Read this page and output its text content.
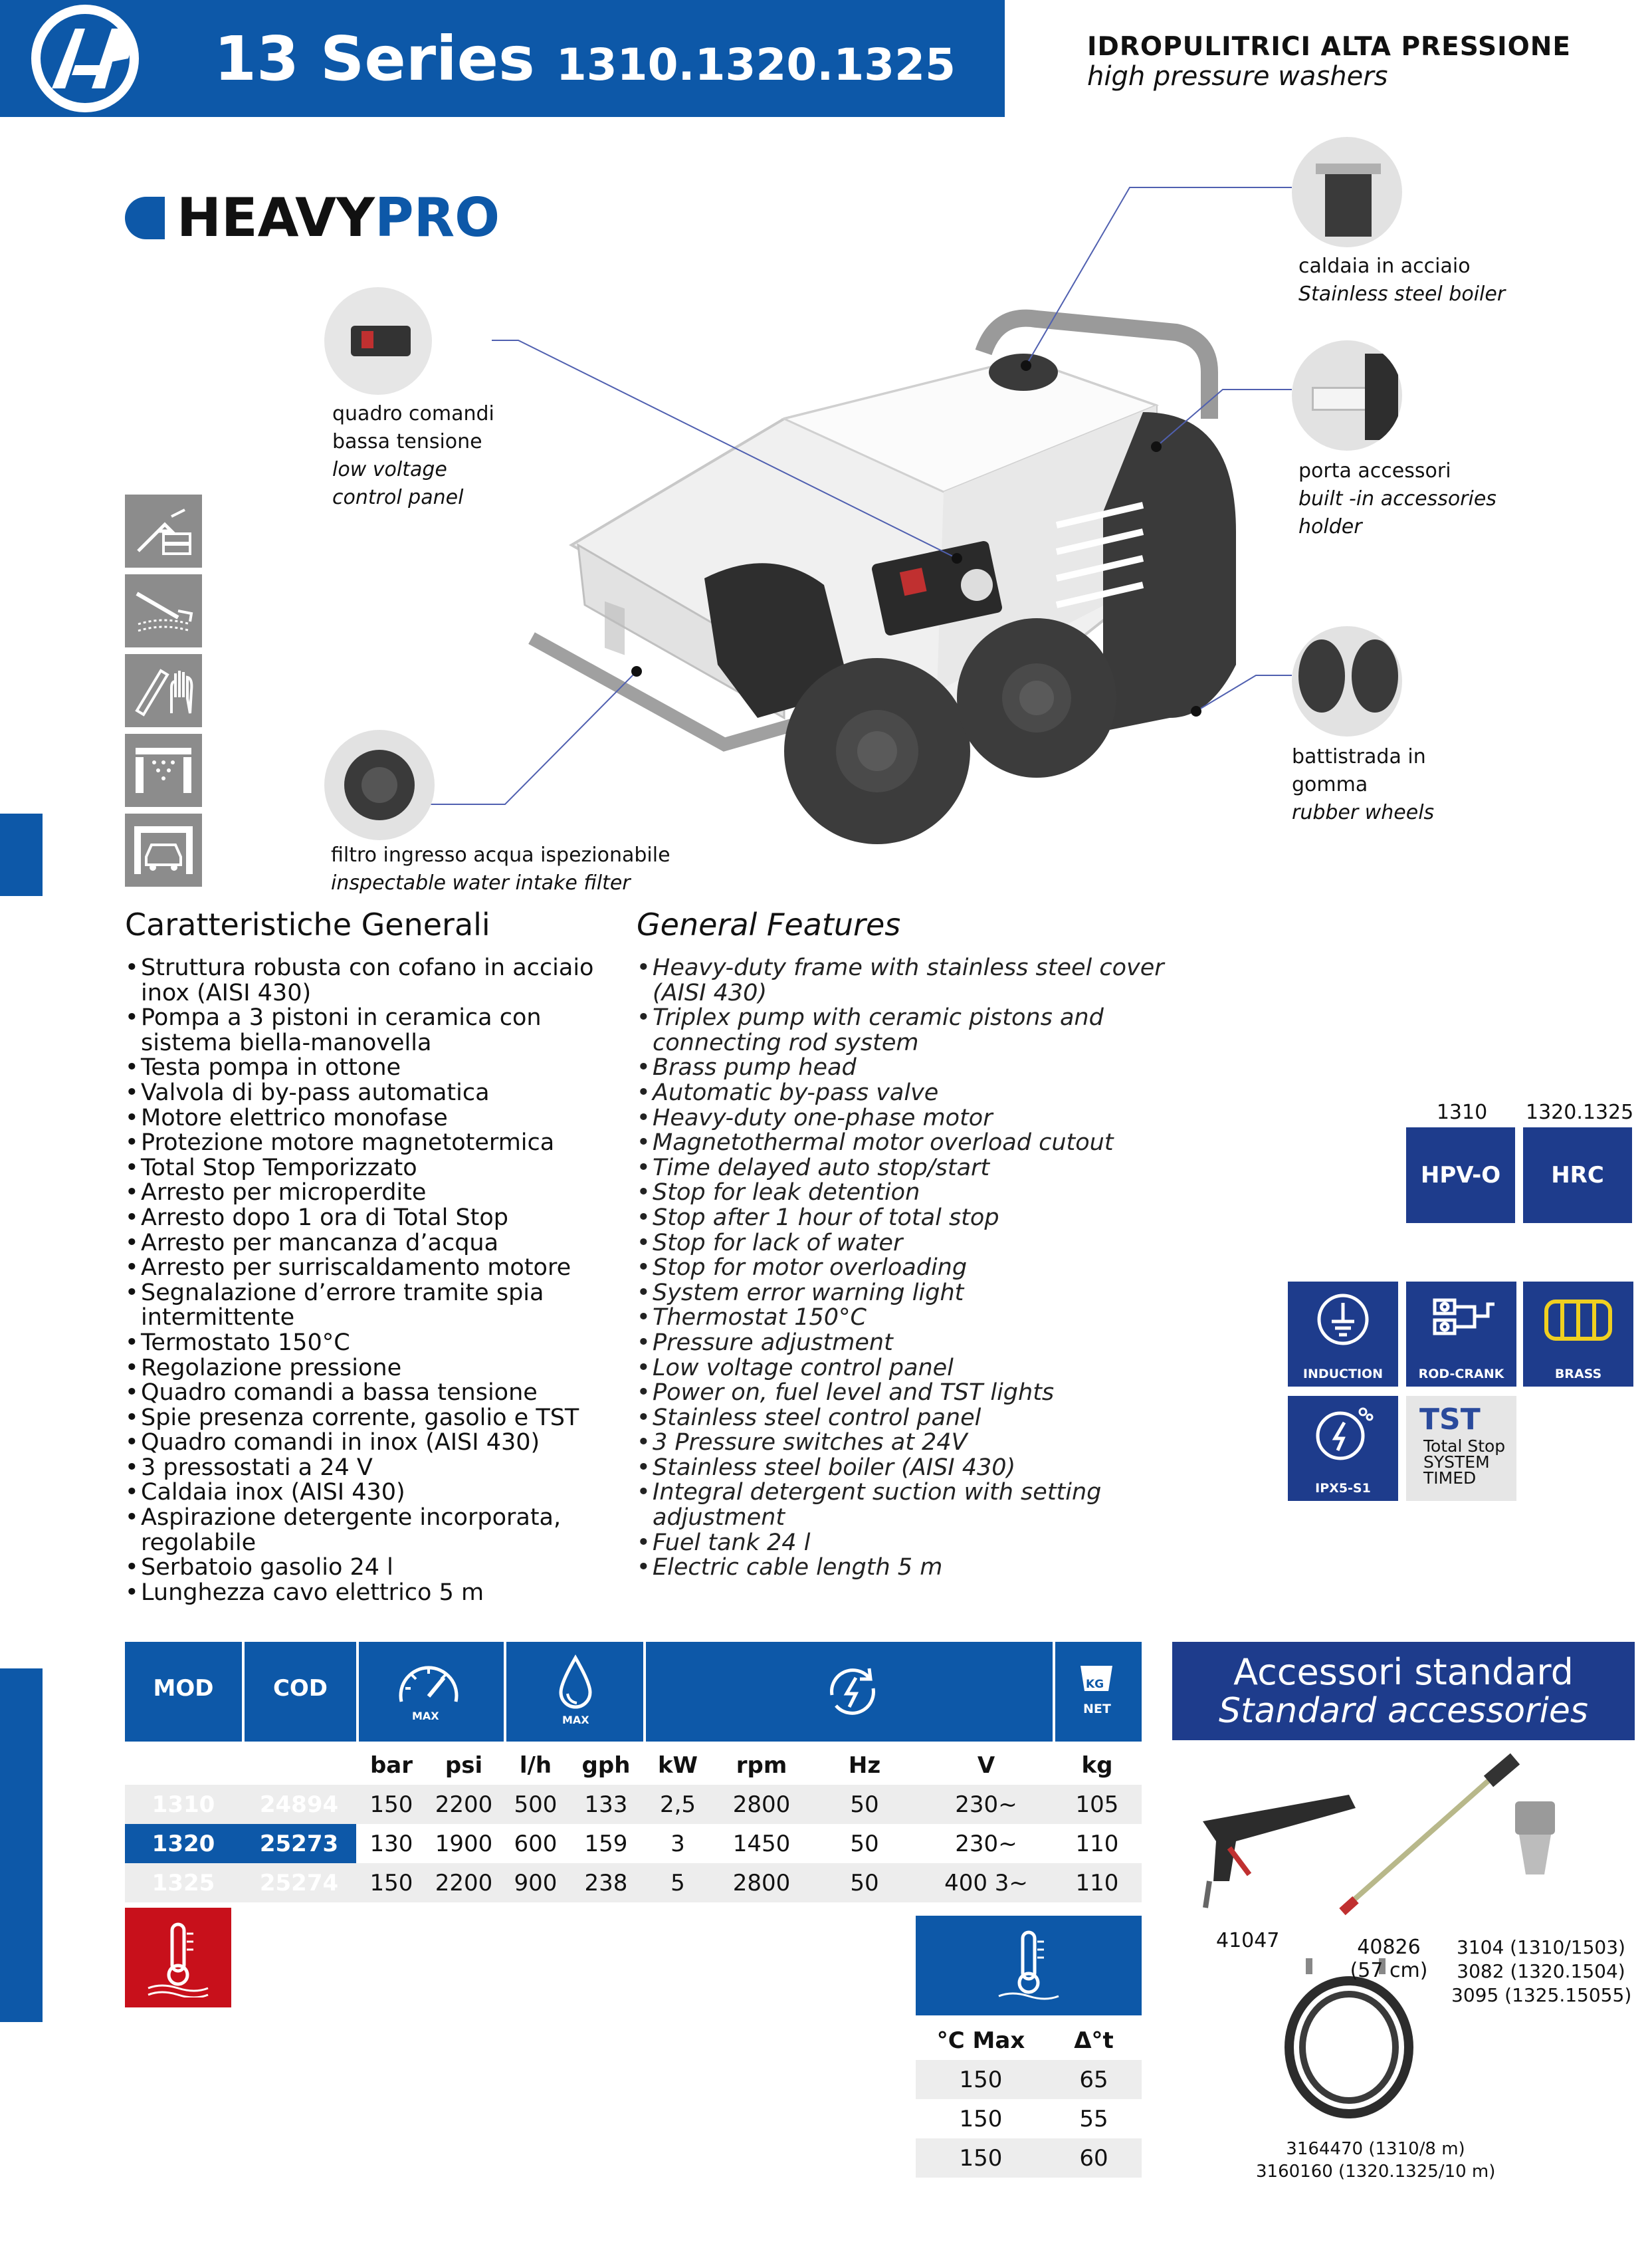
13 Series 1310.1320.1325	IDROPULITRICI ALTA PRESSIONE
high pressure washers
HEAVYPRO
quadro comandi
bassa tensione
low voltage
control panel
caldaia in acciaio
Stainless steel boiler
porta accessori
built -in accessories
holder
battistrada in
gomma
rubber wheels
filtro ingresso acqua ispezionabile
inspectable water intake filter
Caratteristiche Generali
• Struttura robusta con cofano in acciaio
inox (AISI 430)
• Pompa a 3 pistoni in ceramica con
sistema biella-manovella
• Testa pompa in ottone
• Valvola di by-pass automatica
• Motore elettrico monofase
• Protezione motore magnetotermica
• Total Stop Temporizzato
• Arresto per microperdite
• Arresto dopo 1 ora di Total Stop
• Arresto per mancanza d’acqua
• Arresto per surriscaldamento motore
• Segnalazione d’errore tramite spia
intermittente
• Termostato 150°C
• Regolazione pressione
• Quadro comandi a bassa tensione
• Spie presenza corrente, gasolio e TST
• Quadro comandi in inox (AISI 430)
• 3 pressostati a 24 V
• Caldaia inox (AISI 430)
• Aspirazione detergente incorporata,
regolabile
• Serbatoio gasolio 24 l
• Lunghezza cavo elettrico 5 m
General Features
• Heavy-duty frame with stainless steel cover
(AISI 430)
• Triplex pump with ceramic pistons and
connecting rod system
• Brass pump head
• Automatic by-pass valve
• Heavy-duty one-phase motor
• Magnetothermal motor overload cutout
• Time delayed auto stop/start
• Stop for leak detention
• Stop after 1 hour of total stop
• Stop for lack of water
• Stop for motor overloading
• System error warning light
• Thermostat 150°C
• Pressure adjustment
• Low voltage control panel
• Power on, fuel level and TST lights
• Stainless steel control panel
• 3 Pressure switches at 24V
• Stainless steel boiler (AISI 430)
• Integral detergent suction with setting
adjustment
• Fuel tank 24 l
• Electric cable length 5 m
1310 1320.1325
HPV-O	HRC
INDUCTION	ROD-CRANK	BRASS
IPX5-S1
TST
Total Stop
SYSTEM
TIMED
MOD	COD
MAX	MAX
KG
NET
		bar	psi	l/h	gph	kW	rpm	Hz	V	kg
1310	24894	150	2200	500	133	2,5	2800	50	230~	105
1320	25273	130	1900	600	159	3	1450	50	230~	110
1325	25274	150	2200	900	238	5	2800	50	400 3~	110
°C Max	Δ°t
150	65
150	55
150	60
Accessori standard
Standard accessories
41047	40826
(57 cm)
3104 (1310/1503)
3082 (1320.1504)
3095 (1325.15055)
3164470 (1310/8 m)
3160160 (1320.1325/10 m)
